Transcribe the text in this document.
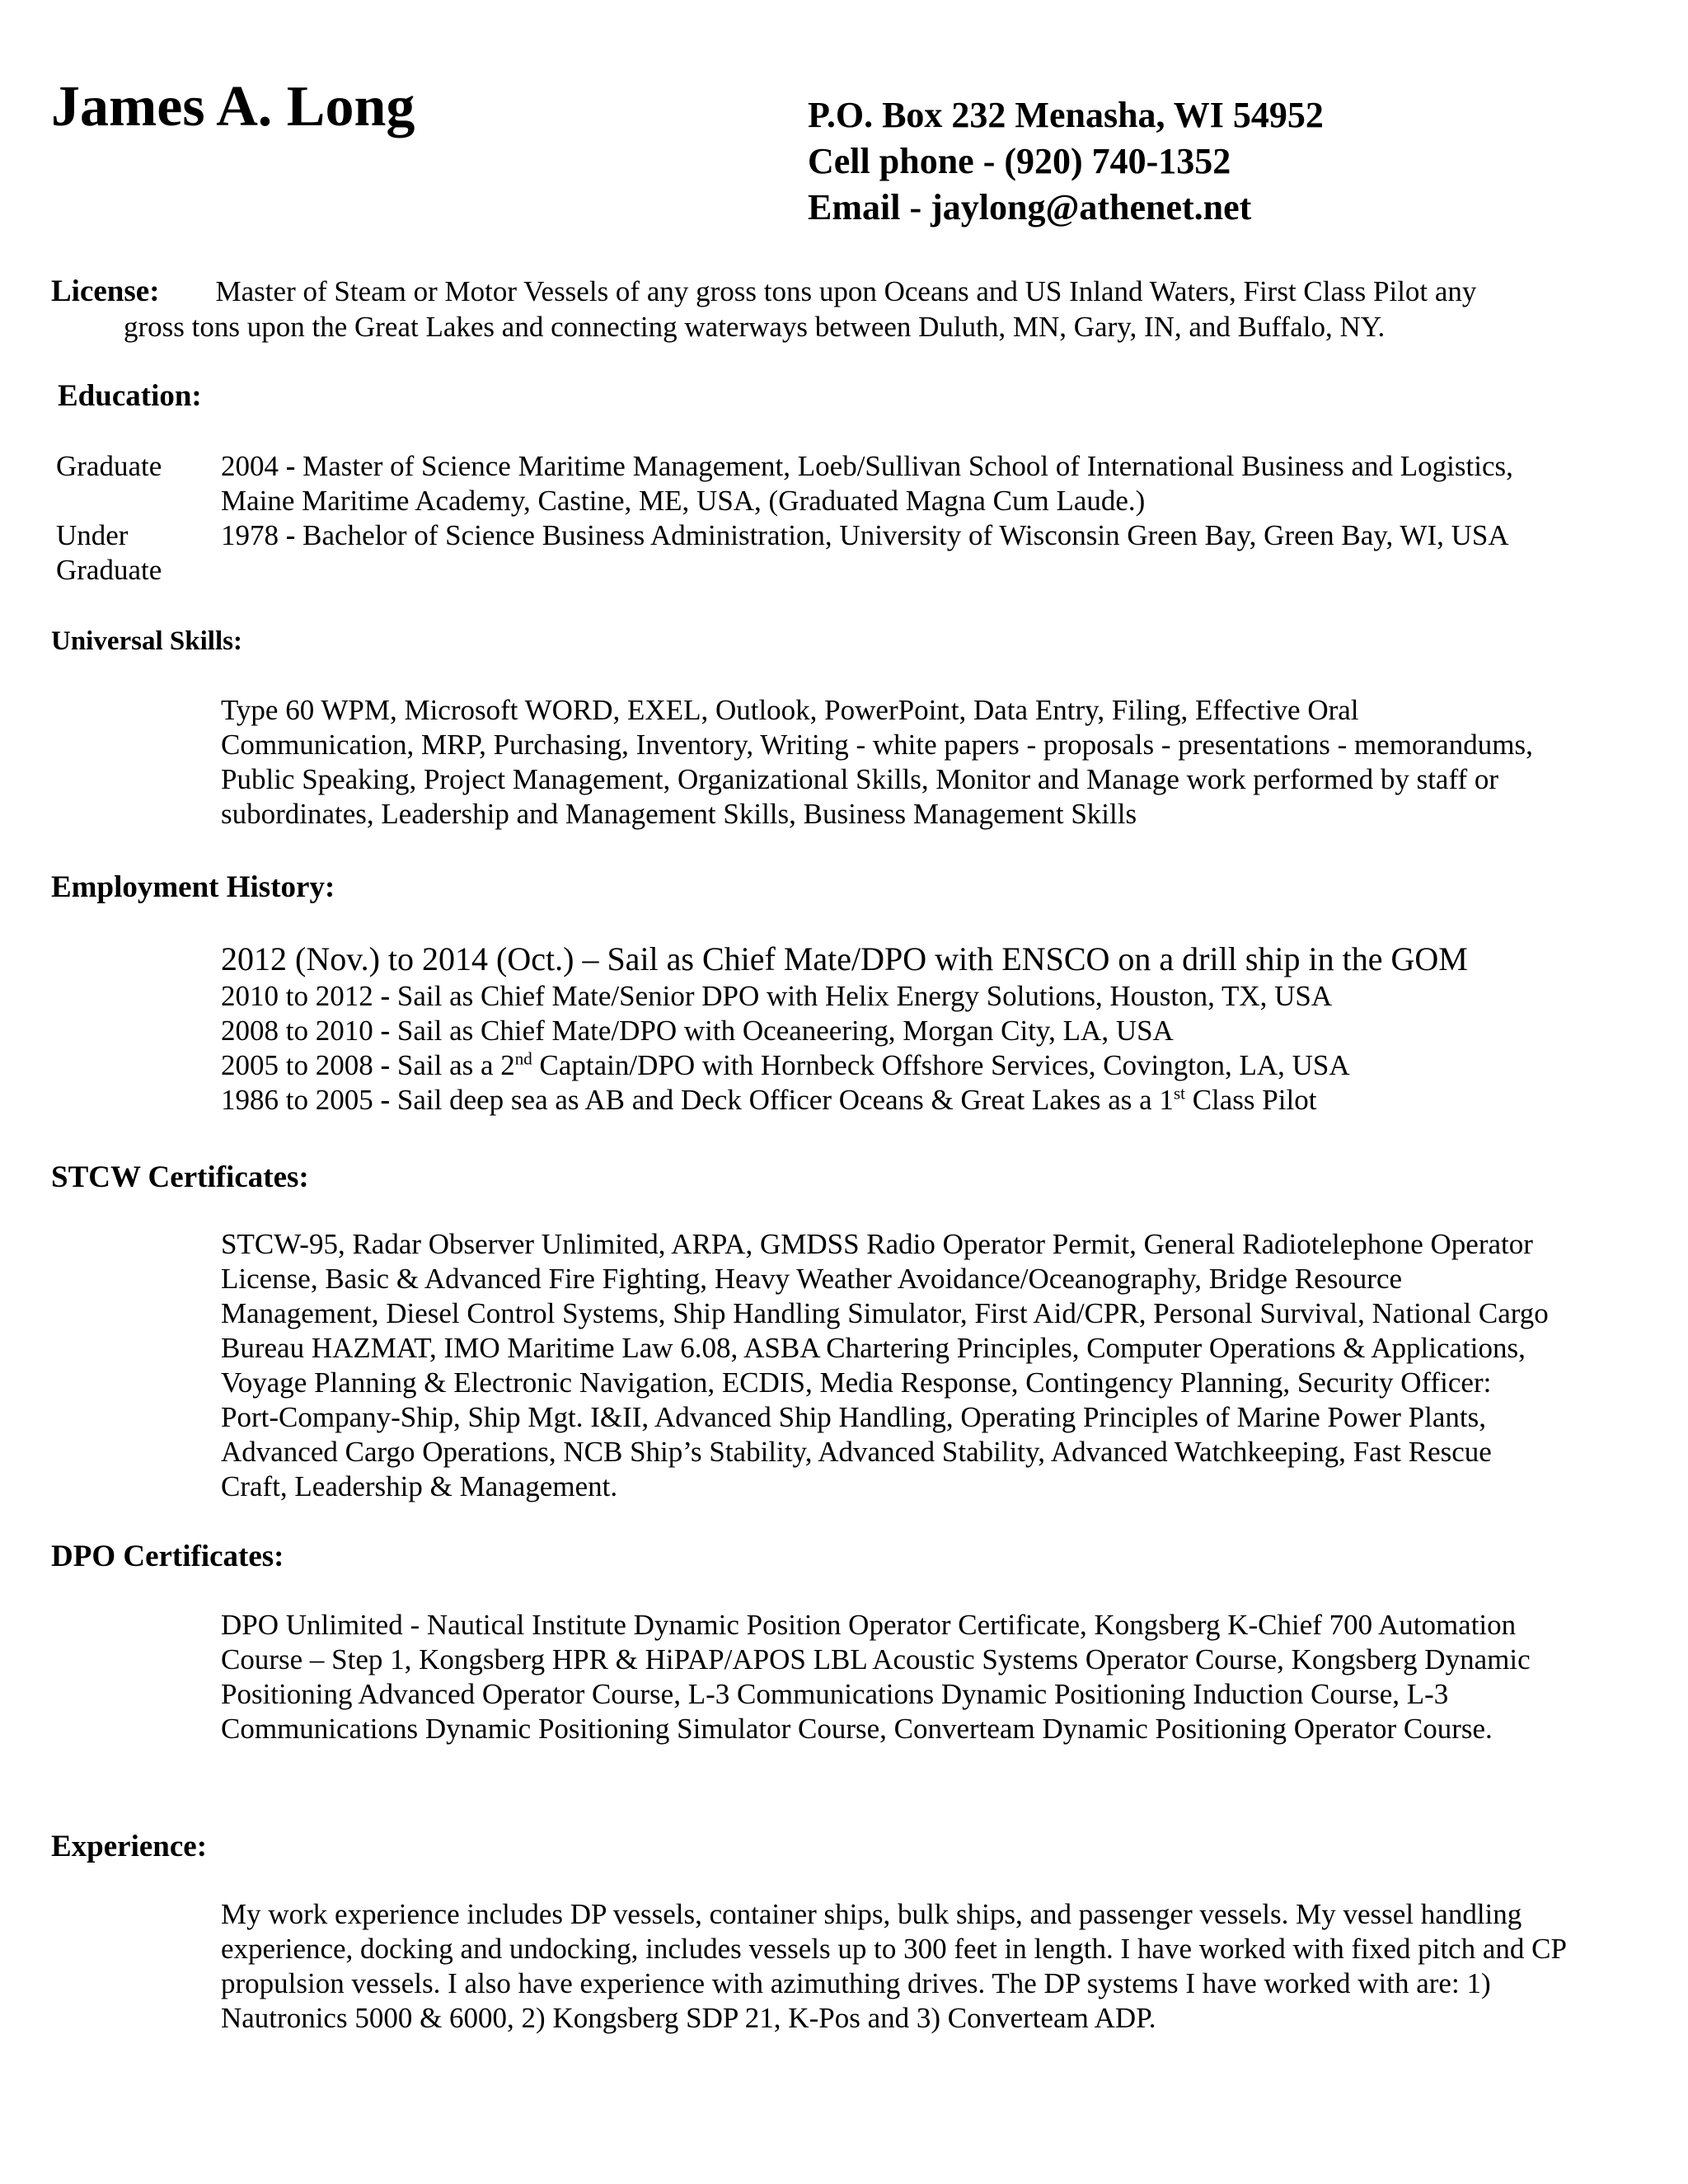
James A. Long	P.O. Box 232 Menasha, WI 54952
Cell phone - (920) 740-1352
Email - jaylong@athenet.net
License: Master of Steam or Motor Vessels of any gross tons upon Oceans and US Inland Waters, First Class Pilot any
gross tons upon the Great Lakes and connecting waterways between Duluth, MN, Gary, IN, and Buffalo, NY.
Education:
Graduate	2004 - Master of Science Maritime Management, Loeb/Sullivan School of International Business and Logistics, Maine Maritime Academy, Castine, ME, USA, (Graduated Magna Cum Laude.)
Under
Graduate
1978 - Bachelor of Science Business Administration, University of Wisconsin Green Bay, Green Bay, WI, USA
Universal Skills:
Type 60 WPM, Microsoft WORD, EXEL, Outlook, PowerPoint, Data Entry, Filing, Effective Oral Communication, MRP, Purchasing, Inventory, Writing - white papers - proposals - presentations - memorandums, Public Speaking, Project Management, Organizational Skills, Monitor and Manage work performed by staff or subordinates, Leadership and Management Skills, Business Management Skills
Employment History:
2012 (Nov.) to 2014 (Oct.) – Sail as Chief Mate/DPO with ENSCO on a drill ship in the GOM
2010 to 2012 - Sail as Chief Mate/Senior DPO with Helix Energy Solutions, Houston, TX, USA
2008 to 2010 - Sail as Chief Mate/DPO with Oceaneering, Morgan City, LA, USA
2005 to 2008 - Sail as a 2nd Captain/DPO with Hornbeck Offshore Services, Covington, LA, USA
1986 to 2005 - Sail deep sea as AB and Deck Officer Oceans & Great Lakes as a 1st Class Pilot
STCW Certificates:
STCW-95, Radar Observer Unlimited, ARPA, GMDSS Radio Operator Permit, General Radiotelephone Operator License, Basic & Advanced Fire Fighting, Heavy Weather Avoidance/Oceanography, Bridge Resource Management, Diesel Control Systems, Ship Handling Simulator, First Aid/CPR, Personal Survival, National Cargo Bureau HAZMAT, IMO Maritime Law 6.08, ASBA Chartering Principles, Computer Operations & Applications, Voyage Planning & Electronic Navigation, ECDIS, Media Response, Contingency Planning, Security Officer: Port-Company-Ship, Ship Mgt. I&II, Advanced Ship Handling, Operating Principles of Marine Power Plants, Advanced Cargo Operations, NCB Ship’s Stability, Advanced Stability, Advanced Watchkeeping, Fast Rescue Craft, Leadership & Management.
DPO Certificates:
DPO Unlimited - Nautical Institute Dynamic Position Operator Certificate, Kongsberg K-Chief 700 Automation Course – Step 1, Kongsberg HPR & HiPAP/APOS LBL Acoustic Systems Operator Course, Kongsberg Dynamic Positioning Advanced Operator Course, L-3 Communications Dynamic Positioning Induction Course, L-3 Communications Dynamic Positioning Simulator Course, Converteam Dynamic Positioning Operator Course.
Experience:
My work experience includes DP vessels, container ships, bulk ships, and passenger vessels. My vessel handling experience, docking and undocking, includes vessels up to 300 feet in length. I have worked with fixed pitch and CP propulsion vessels. I also have experience with azimuthing drives. The DP systems I have worked with are: 1) Nautronics 5000 & 6000, 2) Kongsberg SDP 21, K-Pos and 3) Converteam ADP.
